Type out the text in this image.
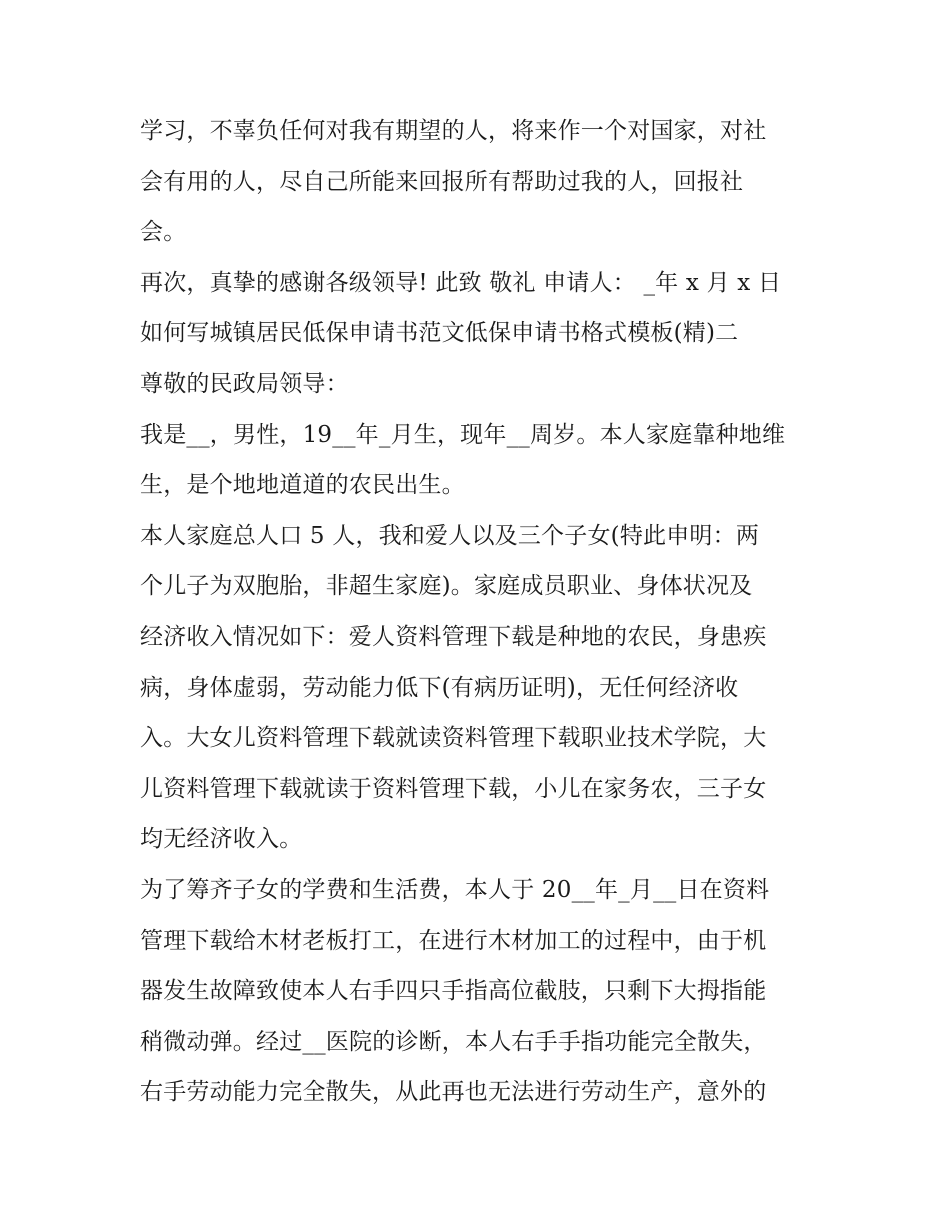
学习，不辜负任何对我有期望的人，将来作一个对国家，对社
会有用的人，尽自己所能来回报所有帮助过我的人，回报社
会。
再次，真挚的感谢各级领导! 此致 敬礼 申请人： _年 x 月 x 日
如何写城镇居民低保申请书范文低保申请书格式模板(精)二
尊敬的民政局领导：
我是__，男性，19__年_月生，现年__周岁。本人家庭靠种地维
生，是个地地道道的农民出生。
本人家庭总人口 5 人，我和爱人以及三个子女(特此申明：两
个儿子为双胞胎，非超生家庭)。家庭成员职业、身体状况及
经济收入情况如下：爱人资料管理下载是种地的农民，身患疾
病，身体虚弱，劳动能力低下(有病历证明)，无任何经济收
入。大女儿资料管理下载就读资料管理下载职业技术学院，大
儿资料管理下载就读于资料管理下载，小儿在家务农，三子女
均无经济收入。
为了筹齐子女的学费和生活费，本人于 20__年_月__日在资料
管理下载给木材老板打工，在进行木材加工的过程中，由于机
器发生故障致使本人右手四只手指高位截肢，只剩下大拇指能
稍微动弹。经过__医院的诊断，本人右手手指功能完全散失，
右手劳动能力完全散失，从此再也无法进行劳动生产，意外的
